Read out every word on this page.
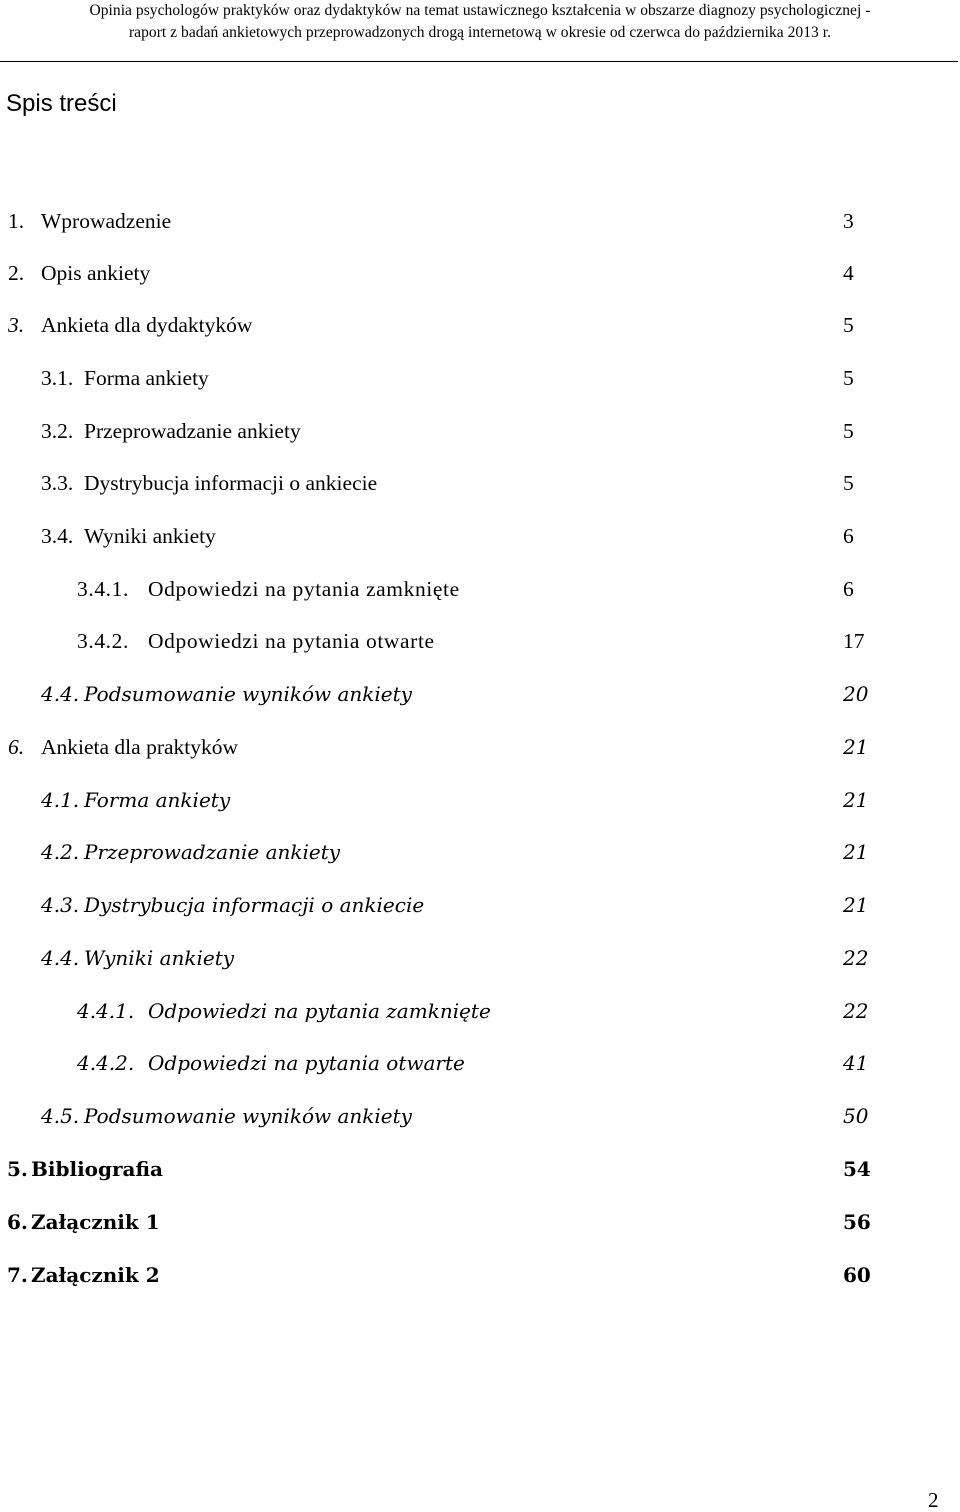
Opinia psychologów praktyków oraz dydaktyków na temat ustawicznego kształcenia w obszarze diagnozy psychologicznej -
raport z badań ankietowych przeprowadzonych drogą internetową w okresie od czerwca do października 2013 r.
Spis treści
1. Wprowadzenie	3
2. Opis ankiety	4
3. Ankieta dla dydaktyków	5
3.1. Forma ankiety	5
3.2. Przeprowadzanie ankiety	5
3.3. Dystrybucja informacji o ankiecie	5
3.4. Wyniki ankiety	6
3.4.1. Odpowiedzi na pytania zamknięte	6
3.4.2. Odpowiedzi na pytania otwarte	17
4.4. Podsumowanie wyników ankiety	20
6. Ankieta dla praktyków	21
4.1. Forma ankiety	21
4.2. Przeprowadzanie ankiety	21
4.3. Dystrybucja informacji o ankiecie	21
4.4. Wyniki ankiety	22
4.4.1. Odpowiedzi na pytania zamknięte	22
4.4.2. Odpowiedzi na pytania otwarte	41
4.5. Podsumowanie wyników ankiety	50
5. Bibliografia	54
6. Załącznik 1	56
7. Załącznik 2	60
2
